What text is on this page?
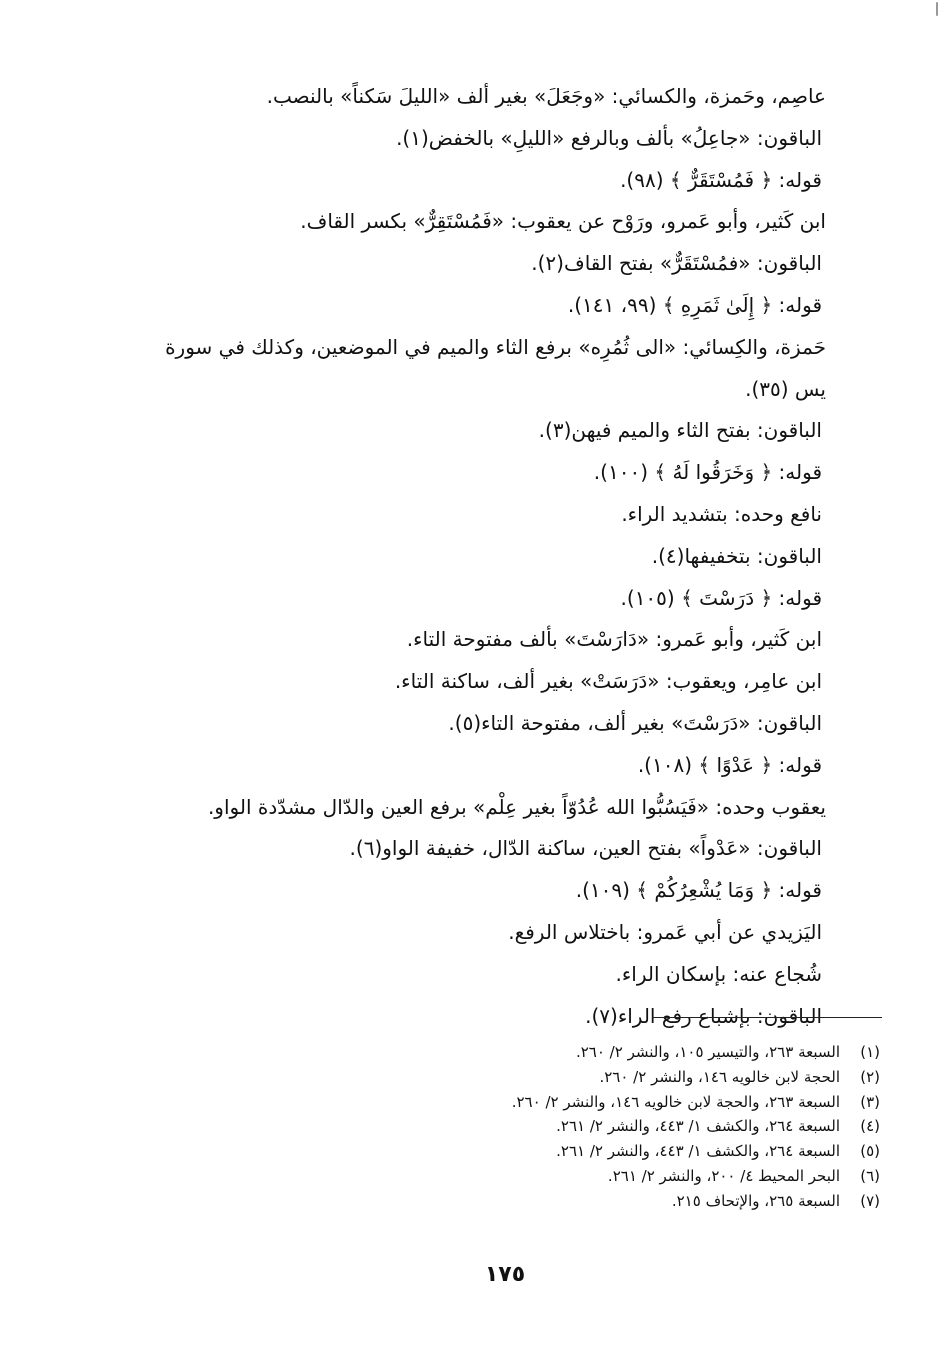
عاصِم، وحَمزة، والكسائي: «وجَعَلَ» بغير ألف «الليلَ سَكناً» بالنصب.

الباقون: «جاعِلُ» بألف وبالرفع «الليلِ» بالخفض(١).

قوله: ﴿ فَمُسْتَقَرٌّ ﴾ (٩٨).

ابن كَثير، وأبو عَمرو، ورَوْح عن يعقوب: «فَمُسْتَقِرٌّ» بكسر القاف.

الباقون: «فمُسْتَقَرٌّ» بفتح القاف(٢).

قوله: ﴿ إِلَىٰ ثَمَرِهِ ﴾ (٩٩، ١٤١).

حَمزة، والكِسائي: «الى ثُمُرِه» برفع الثاء والميم في الموضعين، وكذلك في سورة

يس (٣٥).

الباقون: بفتح الثاء والميم فيهن(٣).

قوله: ﴿ وَخَرَقُوا لَهُ ﴾ (١٠٠).

نافع وحده: بتشديد الراء.

الباقون: بتخفيفها(٤).

قوله: ﴿ دَرَسْتَ ﴾ (١٠٥).

ابن كَثير، وأبو عَمرو: «دَارَسْتَ» بألف مفتوحة التاء.

ابن عامِر، ويعقوب: «دَرَسَتْ» بغير ألف، ساكنة التاء.

الباقون: «دَرَسْتَ» بغير ألف، مفتوحة التاء(٥).

قوله: ﴿ عَدْوًا ﴾ (١٠٨).

يعقوب وحده: «فَيَسُبُّوا الله عُدُوّاً بغير عِلْم» برفع العين والدّال مشدّدة الواو.

الباقون: «عَدْواً» بفتح العين، ساكنة الدّال، خفيفة الواو(٦).

قوله: ﴿ وَمَا يُشْعِرُكُمْ ﴾ (١٠٩).

اليَزيدي عن أبي عَمرو: باختلاس الرفع.

شُجاع عنه: بإسكان الراء.

الباقون: بإشباع رفع الراء(٧).

(١)
السبعة ٢٦٣، والتيسير ١٠٥، والنشر ٢/ ٢٦٠.
(٢)
الحجة لابن خالويه ١٤٦، والنشر ٢/ ٢٦٠.
(٣)
السبعة ٢٦٣، والحجة لابن خالويه ١٤٦، والنشر ٢/ ٢٦٠.
(٤)
السبعة ٢٦٤، والكشف ١/ ٤٤٣، والنشر ٢/ ٢٦١.
(٥)
السبعة ٢٦٤، والكشف ١/ ٤٤٣، والنشر ٢/ ٢٦١.
(٦)
البحر المحيط ٤/ ٢٠٠، والنشر ٢/ ٢٦١.
(٧)
السبعة ٢٦٥، والإتحاف ٢١٥.
١٧٥
